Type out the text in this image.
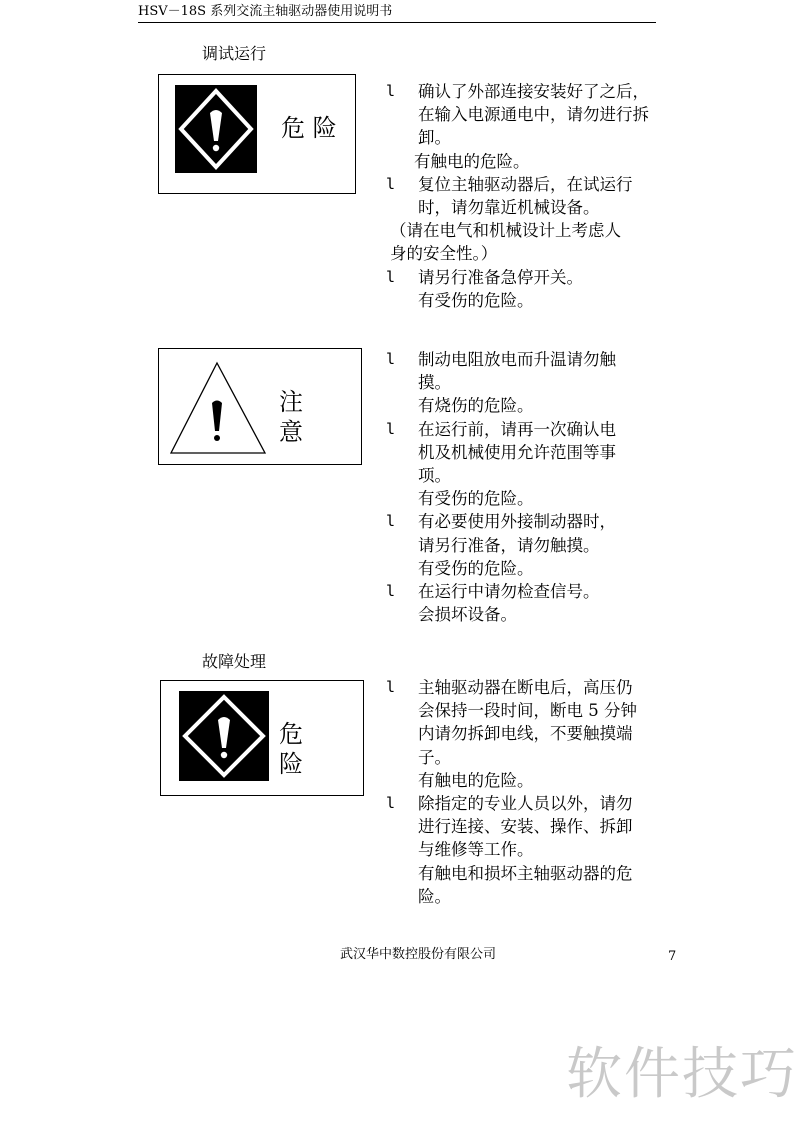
HSV－18S 系列交流主轴驱动器使用说明书
调试运行
危 险
l 确认了外部连接安装好了之后，
在输入电源通电中，请勿进行拆
卸。
有触电的危险。
l 复位主轴驱动器后，在试运行
时，请勿靠近机械设备。
（请在电气和机械设计上考虑人
身的安全性。）
l 请另行准备急停开关。
有受伤的危险。
注 意
l 制动电阻放电而升温请勿触
摸。
有烧伤的危险。
l 在运行前，请再一次确认电
机及机械使用允许范围等事
项。
有受伤的危险。
l 有必要使用外接制动器时，
请另行准备，请勿触摸。
有受伤的危险。
l 在运行中请勿检查信号。
会损坏设备。
故障处理
危 险
l 主轴驱动器在断电后，高压仍
会保持一段时间，断电 5 分钟
内请勿拆卸电线，不要触摸端
子。
有触电的危险。
l 除指定的专业人员以外，请勿
进行连接、安装、操作、拆卸
与维修等工作。
有触电和损坏主轴驱动器的危
险。
武汉华中数控股份有限公司	7
软件技巧
